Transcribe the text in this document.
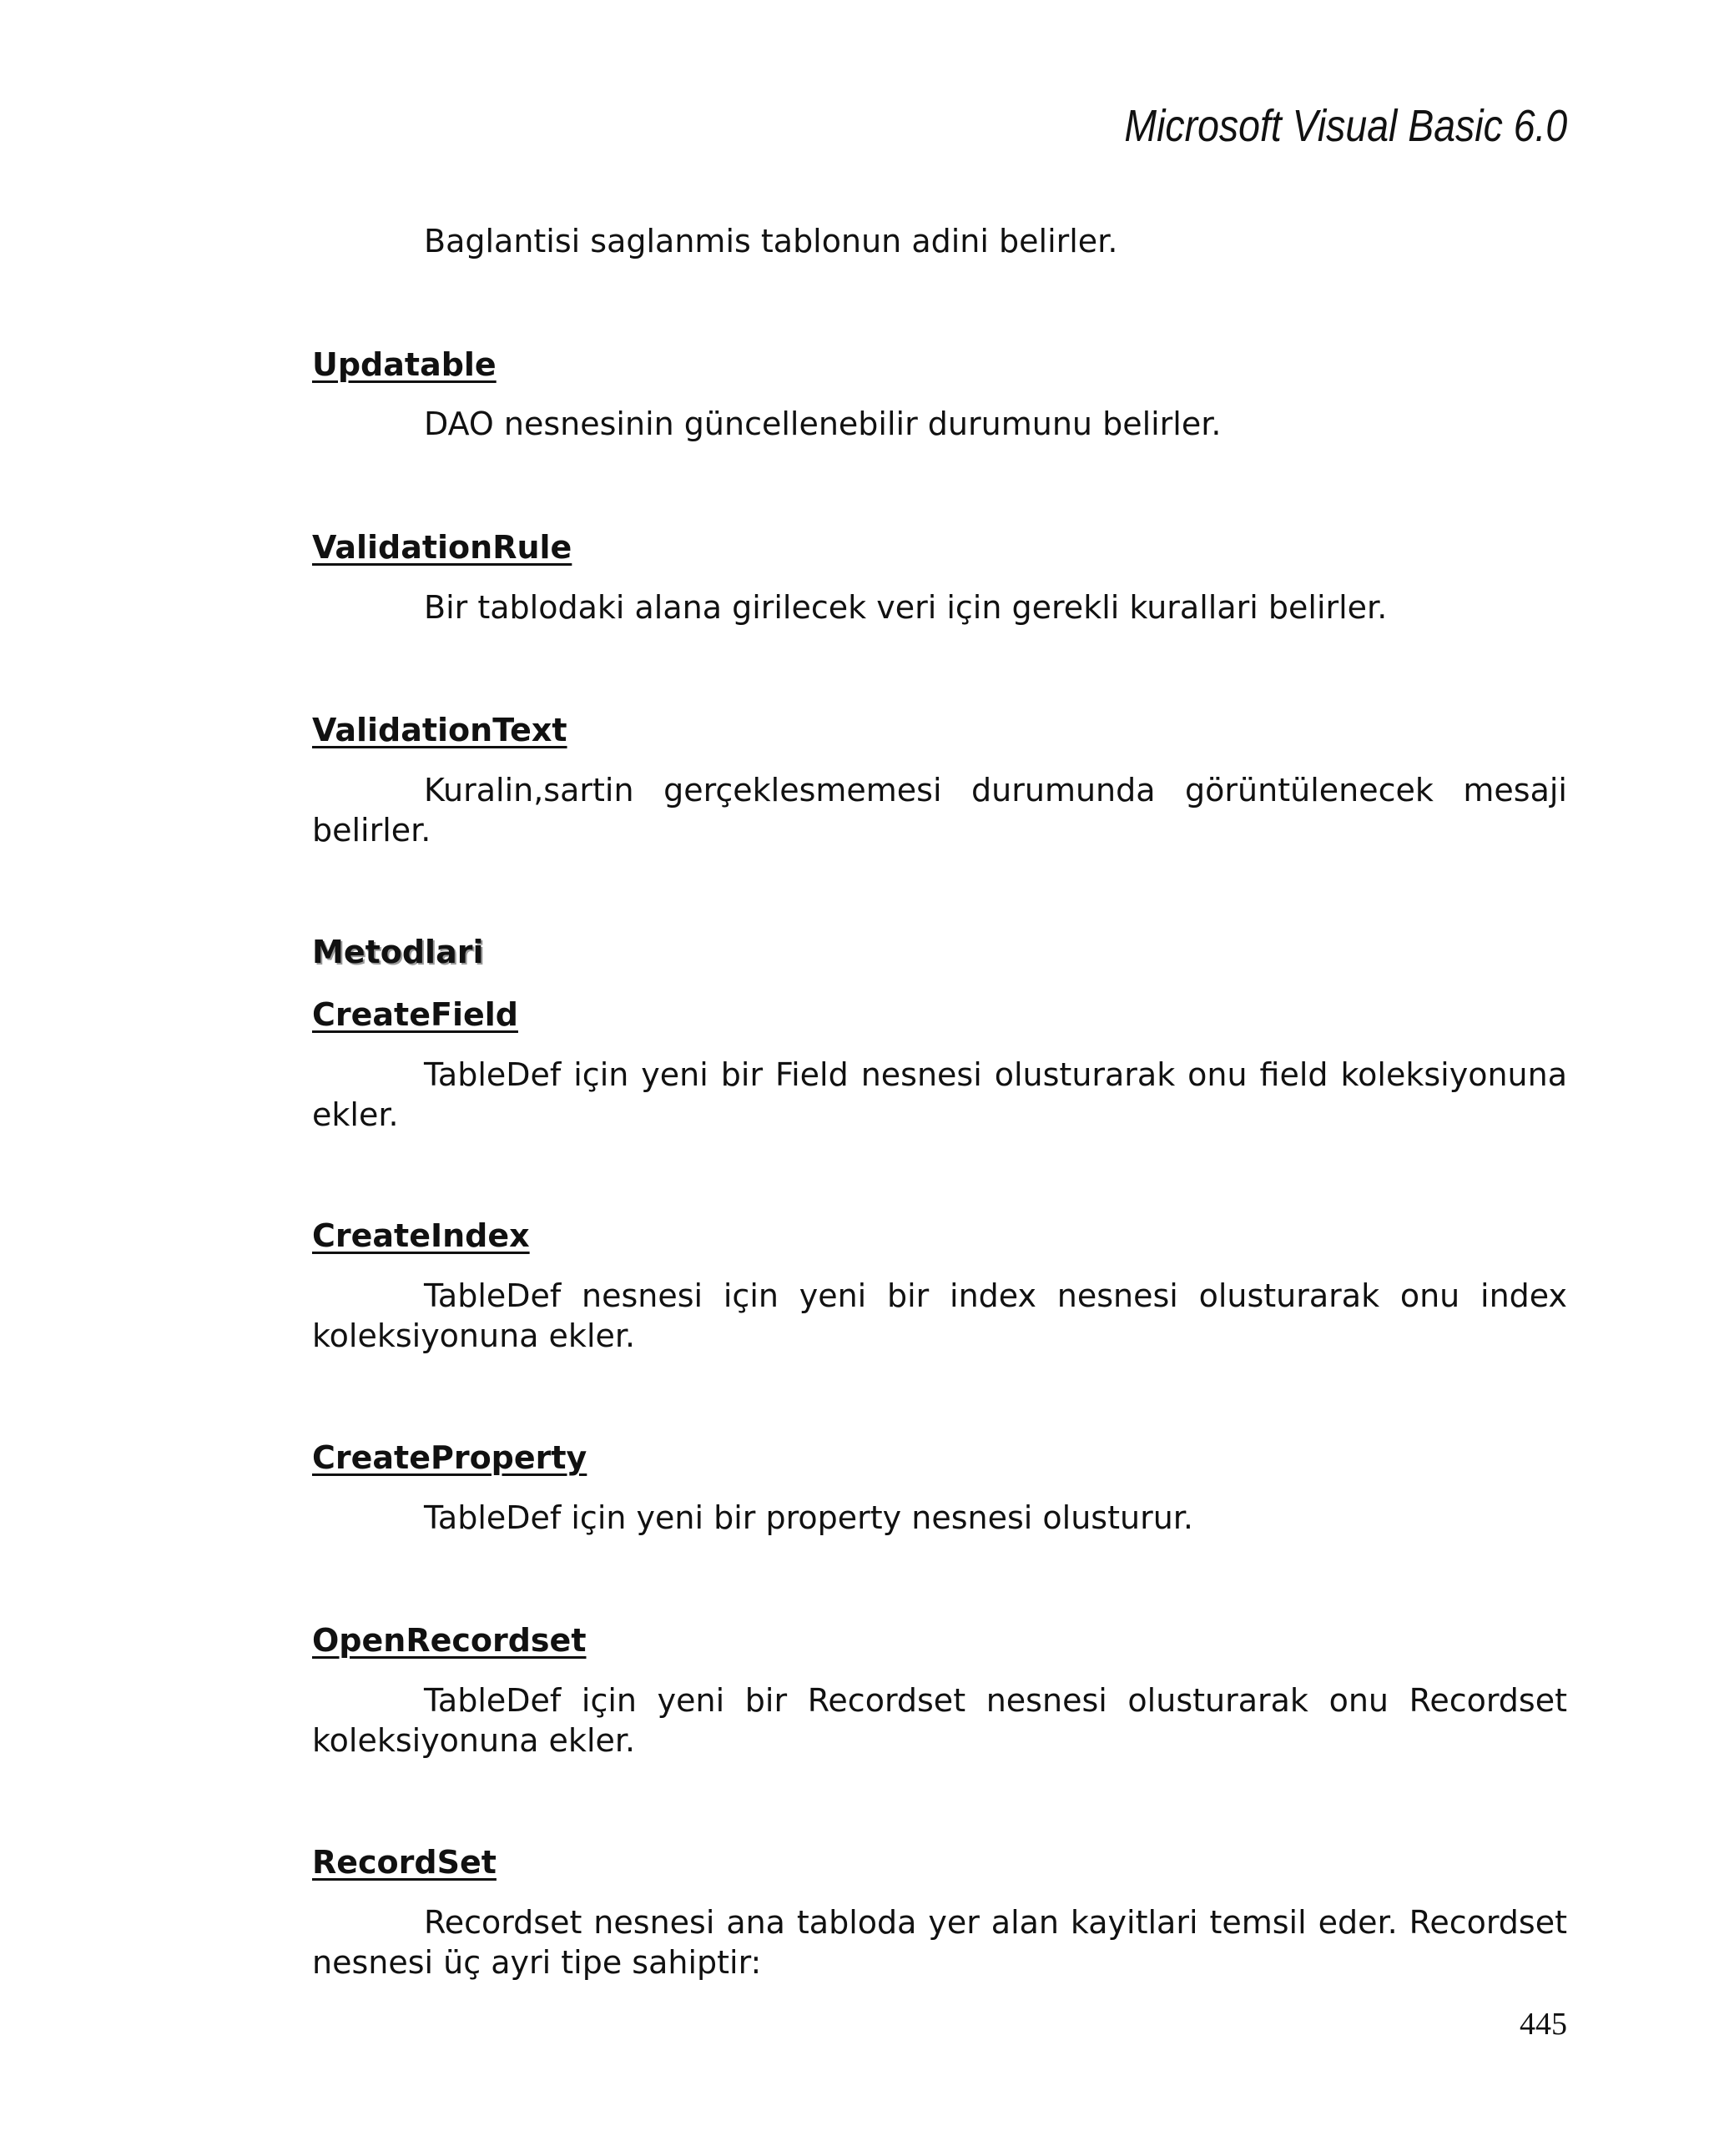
Microsoft Visual Basic 6.0

Baglantisi saglanmis tablonun adini belirler.

Updatable

DAO nesnesinin güncellenebilir durumunu belirler.

ValidationRule

Bir tablodaki alana girilecek veri için gerekli kurallari belirler.

ValidationText

Kuralin,sartin gerçeklesmemesi durumunda görüntülenecek mesaji belirler.

Metodlari
CreateField

TableDef için yeni bir Field nesnesi olusturarak onu field koleksiyonuna ekler.

CreateIndex

TableDef nesnesi için yeni bir index nesnesi olusturarak onu index koleksiyonuna ekler.

CreateProperty

TableDef için yeni bir property nesnesi olusturur.

OpenRecordset

TableDef için yeni bir Recordset nesnesi olusturarak onu Recordset koleksiyonuna ekler.

RecordSet

Recordset nesnesi ana tabloda yer alan kayitlari temsil eder. Recordset nesnesi üç ayri tipe sahiptir:

445
